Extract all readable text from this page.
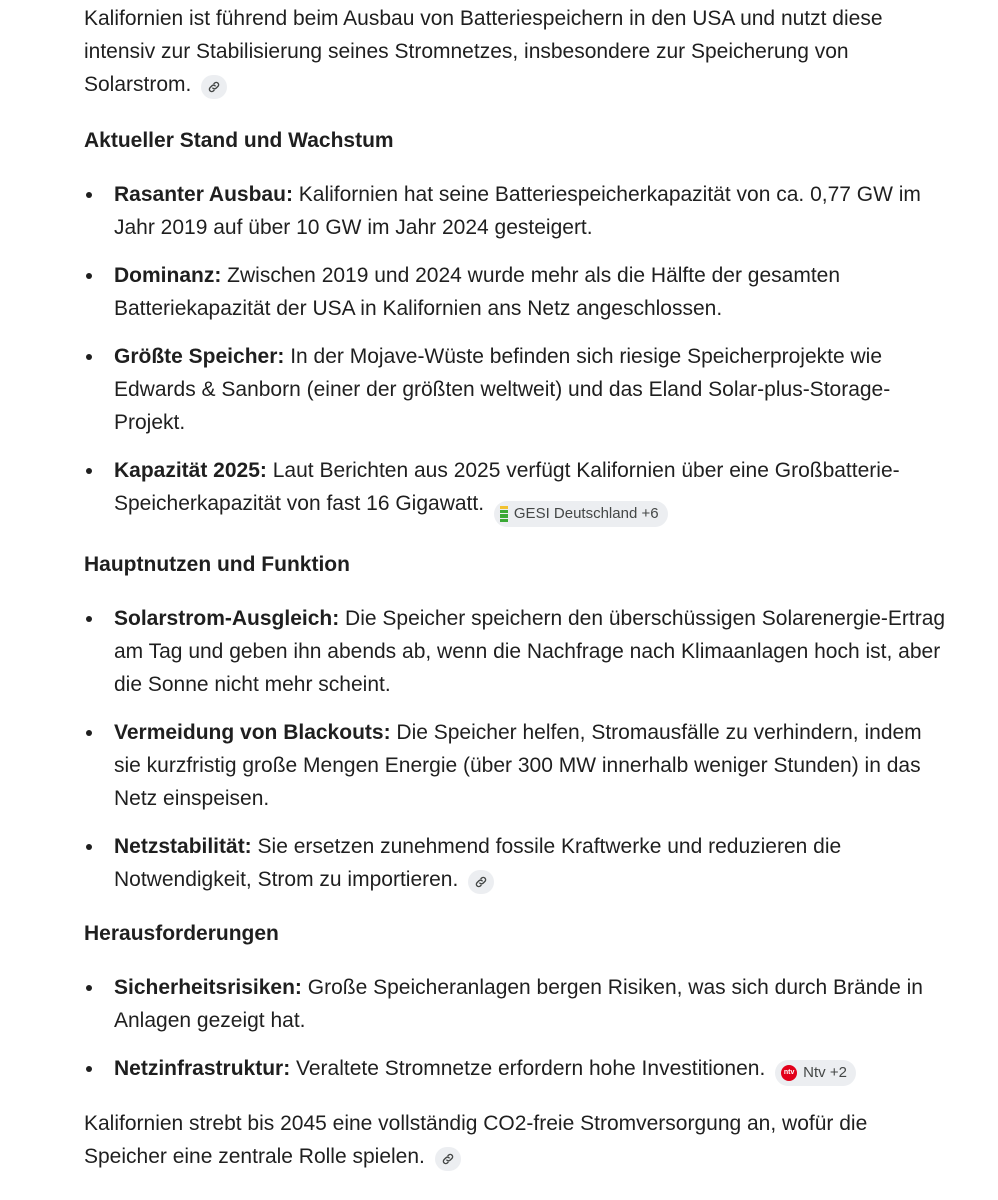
Kalifornien ist führend beim Ausbau von Batteriespeichern in den USA und nutzt diese intensiv zur Stabilisierung seines Stromnetzes, insbesondere zur Speicherung von Solarstrom.

Aktueller Stand und Wachstum
Rasanter Ausbau: Kalifornien hat seine Batteriespeicherkapazität von ca. 0,77 GW im Jahr 2019 auf über 10 GW im Jahr 2024 gesteigert.
Dominanz: Zwischen 2019 und 2024 wurde mehr als die Hälfte der gesamten Batteriekapazität der USA in Kalifornien ans Netz angeschlossen.
Größte Speicher: In der Mojave-Wüste befinden sich riesige Speicherprojekte wie Edwards & Sanborn (einer der größten weltweit) und das Eland Solar-plus-Storage-Projekt.
Kapazität 2025: Laut Berichten aus 2025 verfügt Kalifornien über eine Großbatterie-Speicherkapazität von fast 16 Gigawatt. GESI Deutschland +6
Hauptnutzen und Funktion
Solarstrom-Ausgleich: Die Speicher speichern den überschüssigen Solarenergie-Ertrag am Tag und geben ihn abends ab, wenn die Nachfrage nach Klimaanlagen hoch ist, aber die Sonne nicht mehr scheint.
Vermeidung von Blackouts: Die Speicher helfen, Stromausfälle zu verhindern, indem sie kurzfristig große Mengen Energie (über 300 MW innerhalb weniger Stunden) in das Netz einspeisen.
Netzstabilität: Sie ersetzen zunehmend fossile Kraftwerke und reduzieren die Notwendigkeit, Strom zu importieren.
Herausforderungen
Sicherheitsrisiken: Große Speicheranlagen bergen Risiken, was sich durch Brände in Anlagen gezeigt hat.
Netzinfrastruktur: Veraltete Stromnetze erfordern hohe Investitionen.	ntv Ntv +2

Kalifornien strebt bis 2045 eine vollständig CO2-freie Stromversorgung an, wofür die Speicher eine zentrale Rolle spielen.
